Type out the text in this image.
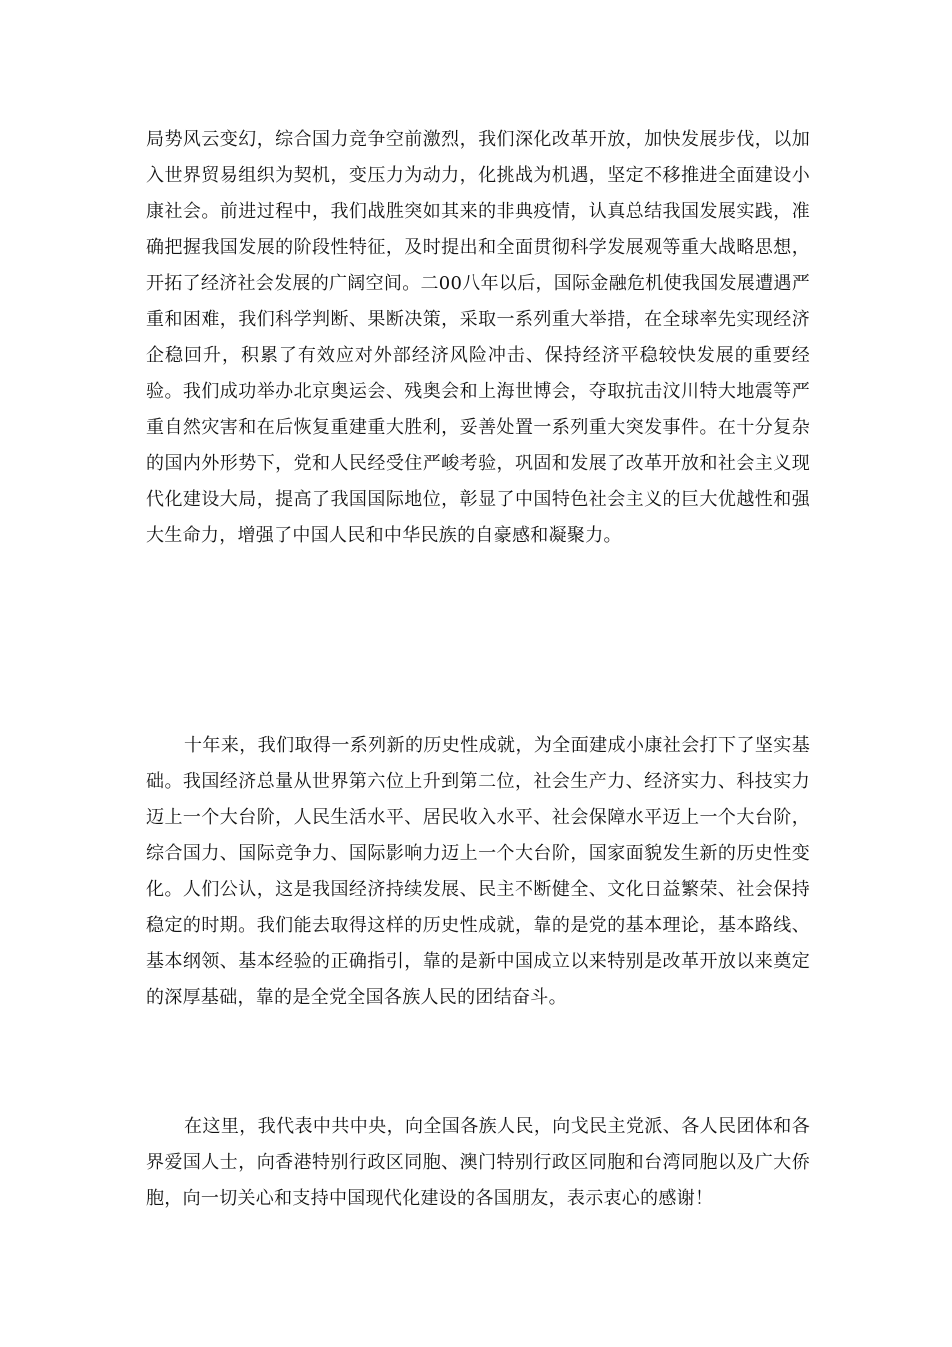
局势风云变幻，综合国力竞争空前激烈，我们深化改革开放，加快发展步伐，以加入世界贸易组织为契机，变压力为动力，化挑战为机遇，坚定不移推进全面建设小康社会。前进过程中，我们战胜突如其来的非典疫情，认真总结我国发展实践，准确把握我国发展的阶段性特征，及时提出和全面贯彻科学发展观等重大战略思想，开拓了经济社会发展的广阔空间。二00八年以后，国际金融危机使我国发展遭遇严重和困难，我们科学判断、果断决策，采取一系列重大举措，在全球率先实现经济企稳回升，积累了有效应对外部经济风险冲击、保持经济平稳较快发展的重要经验。我们成功举办北京奥运会、残奥会和上海世博会，夺取抗击汶川特大地震等严重自然灾害和在后恢复重建重大胜利，妥善处置一系列重大突发事件。在十分复杂的国内外形势下，党和人民经受住严峻考验，巩固和发展了改革开放和社会主义现代化建设大局，提高了我国国际地位，彰显了中国特色社会主义的巨大优越性和强大生命力，增强了中国人民和中华民族的自豪感和凝聚力。

十年来，我们取得一系列新的历史性成就，为全面建成小康社会打下了坚实基础。我国经济总量从世界第六位上升到第二位，社会生产力、经济实力、科技实力迈上一个大台阶，人民生活水平、居民收入水平、社会保障水平迈上一个大台阶，综合国力、国际竞争力、国际影响力迈上一个大台阶，国家面貌发生新的历史性变化。人们公认，这是我国经济持续发展、民主不断健全、文化日益繁荣、社会保持稳定的时期。我们能去取得这样的历史性成就，靠的是党的基本理论，基本路线、基本纲领、基本经验的正确指引，靠的是新中国成立以来特别是改革开放以来奠定的深厚基础，靠的是全党全国各族人民的团结奋斗。

在这里，我代表中共中央，向全国各族人民，向戈民主党派、各人民团体和各界爱国人士，向香港特别行政区同胞、澳门特别行政区同胞和台湾同胞以及广大侨胞，向一切关心和支持中国现代化建设的各国朋友，表示衷心的感谢！
